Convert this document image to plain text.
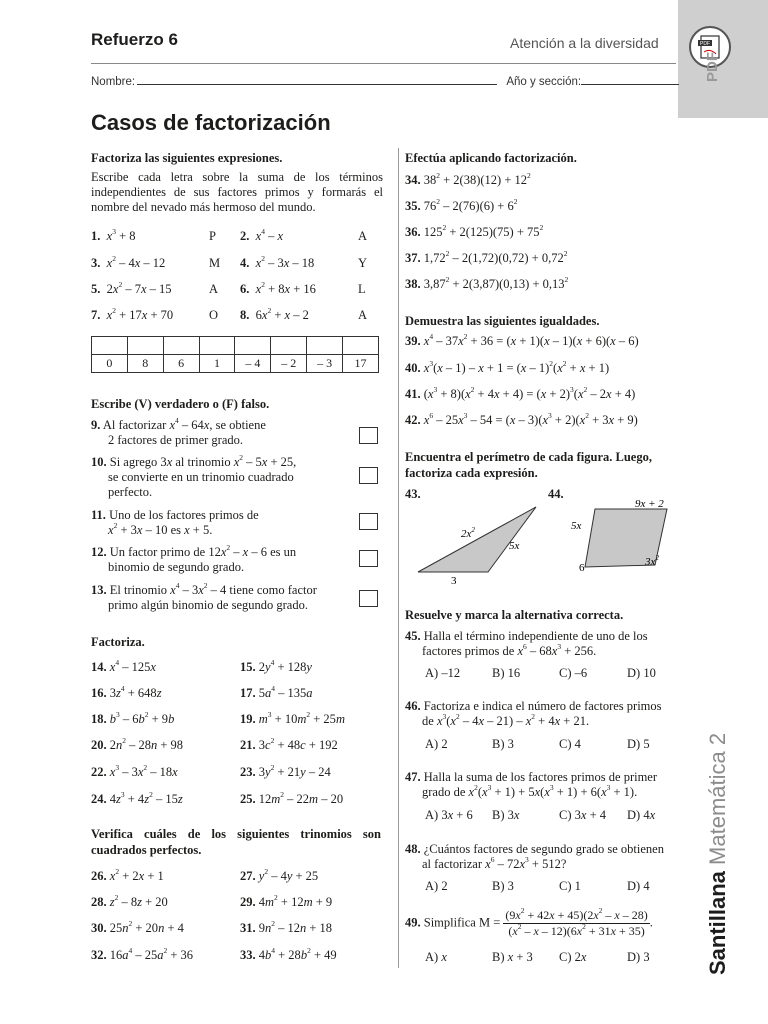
PDF
PDF
Refuerzo 6	Atención a la diversidad
Nombre:	Año y sección:
Casos de factorización
Santillana Matemática 2
Factoriza las siguientes expresiones.
Escribe cada letra sobre la suma de los términos independientes de sus factores primos y formarás el nombre del nevado más hermoso del mundo.
1. $x^3 + 8$	P 2. $x^4$ – x	A
3. $x^2 - 4x - 12$	M 4. $x^2 - 3x - 18$	Y
5.  $2x^2 - 7x - 15$	A 6. $x^2 + 8x + 16$	L
7. $x^2 + 17x + 70$	O 8.  $6x^2 + x - 2$	A

0	8	6	1	– 4	– 2	– 3	17
Escribe (V) verdadero o (F) falso.
9. Al factorizar $x^4 - 64x$, se obtiene
2 factores de primer grado.
10. Si agrego 3x al trinomio $x^2 - 5x + 25$,
se convierte en un trinomio cuadrado
perfecto.
11. Uno de los factores primos de
$x^2 + 3x - 10$ es x + 5.
12. Un factor primo de $12x^2$ – x – 6 es un
binomio de segundo grado.
13. El trinomio $x^4 - 3x^2 - 4$ tiene como factor
primo algún binomio de segundo grado.
Factoriza.
14. $x^4 - 125x$	15. $2y^4 + 128y$
16. $3z^4 + 648z$	17. $5a^4 - 135a$
18. $b^3 - 6b^2 + 9b$	19. $m^3 + 10m^2 + 25m$
20. $2n^2 - 28n + 98$	21. $3c^2 + 48c + 192$
22. $x^3 - 3x^2 - 18x$	23. $3y^2 + 21y - 24$
24. $4z^3 + 4z^2 - 15z$	25. $12m^2 - 22m - 20$
Verifica cuáles de los siguientes trinomios son cuadrados perfectos.
26. $x^2 + 2x + 1$	27. $y^2 - 4y + 25$
28. $z^2 - 8z + 20$	29. $4m^2 + 12m + 9$
30. $25n^2 + 20n + 4$	31. $9n^2 - 12n + 18$
32. $16a^4 - 25a^2 + 36$	33. $4b^4 + 28b^2 + 49$
Efectúa aplicando factorización.
34. $38^2 + 2(38)(12) + 12^2$
35. $76^2 - 2(76)(6) + 6^2$
36. $125^2 + 2(125)(75) + 75^2$
37. $1,72^2 - 2(1,72)(0,72) + 0,72^2$
38. $3,87^2 + 2(3,87)(0,13) + 0,13^2$
Demuestra las siguientes igualdades.
39. $x^4 - 37x^2 + 36 = (x + 1)(x - 1)(x + 6)(x - 6)$
40. $x^3(x - 1) - x + 1 = (x - 1)^2(x^2 + x + 1)$
41. $(x^3 + 8)(x^2 + 4x + 4) = (x + 2)^3(x^2 - 2x + 4)$
42. $x^6 - 25x^3 - 54 = (x - 3)(x^3 + 2)(x^2 + 3x + 9)$
Encuentra el perímetro de cada figura. Luego, factoriza cada expresión.
43.	44.
$2x^2$
5x
3
9x + 2
5x
6	$3x^2$
Resuelve y marca la alternativa correcta.
45. Halla el término independiente de uno de los
factores primos de $x^6 - 68x^3 + 256$.
A) –12	B) 16	C) –6	D) 10
46. Factoriza e indica el número de factores primos
de $x^3(x^2 - 4x - 21) - x^2 + 4x + 21$.
A) 2	B) 3	C) 4	D) 5
47. Halla la suma de los factores primos de primer
grado de $x^2(x^3 + 1) + 5x(x^3 + 1) + 6(x^3 + 1)$.
A) 3x + 6 B) 3x	C) 3x + 4 D) 4x
48. ¿Cuántos factores de segundo grado se obtienen
al factorizar $x^6 - 72x^3 + 512$?
A) 2	B) 3	C) 1	D) 4
49. Simplifica $M = \frac{(9x^2 + 42x + 45)(2x^2 - x - 28)}{(x^2 - x - 12)(6x^2 + 31x + 35)}$ .
A) x	B) x + 3 C) 2x	D) 3
